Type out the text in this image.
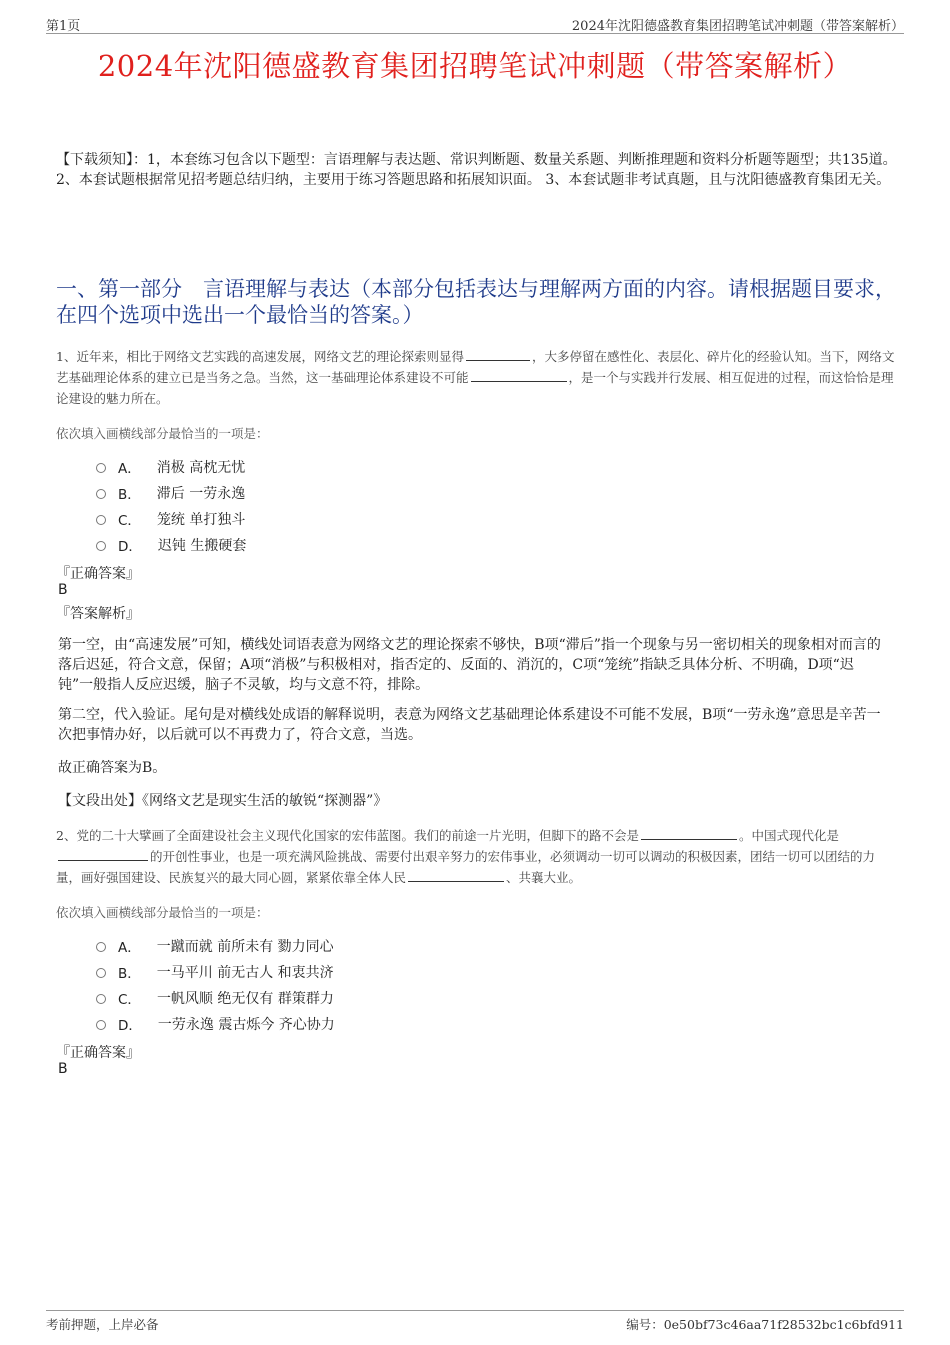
第1页	2024年沈阳德盛教育集团招聘笔试冲刺题（带答案解析）
2024年沈阳德盛教育集团招聘笔试冲刺题（带答案解析）
【下载须知】：1，本套练习包含以下题型：言语理解与表达题、常识判断题、数量关系题、判断推理题和资料分析题等题型；共135道。 2、本套试题根据常见招考题总结归纳，主要用于练习答题思路和拓展知识面。 3、本套试题非考试真题，且与沈阳德盛教育集团无关。
一、第一部分　言语理解与表达（本部分包括表达与理解两方面的内容。请根据题目要求，在四个选项中选出一个最恰当的答案。）
1、近年来，相比于网络文艺实践的高速发展，网络文艺的理论探索则显得	，大多停留在感性化、表层化、碎片化的经验认知。当下，网络文艺基础理论体系的建立已是当务之急。当然，这一基础理论体系建设不可能	，是一个与实践并行发展、相互促进的过程，而这恰恰是理论建设的魅力所在。
依次填入画横线部分最恰当的一项是：
A． 消极 高枕无忧
B． 滞后 一劳永逸
C． 笼统 单打独斗
D． 迟钝 生搬硬套
『正确答案』
B
『答案解析』
第一空，由“高速发展”可知，横线处词语表意为网络文艺的理论探索不够快，B项“滞后”指一个现象与另一密切相关的现象相对而言的落后迟延，符合文意，保留；A项“消极”与积极相对，指否定的、反面的、消沉的，C项“笼统”指缺乏具体分析、不明确，D项“迟钝”一般指人反应迟缓，脑子不灵敏，均与文意不符，排除。
第二空，代入验证。尾句是对横线处成语的解释说明，表意为网络文艺基础理论体系建设不可能不发展，B项“一劳永逸”意思是辛苦一次把事情办好，以后就可以不再费力了，符合文意，当选。
故正确答案为B。
【文段出处】《网络文艺是现实生活的敏锐“探测器”》
2、党的二十大擘画了全面建设社会主义现代化国家的宏伟蓝图。我们的前途一片光明，但脚下的路不会是	。中国式现代化是的开创性事业，也是一项充满风险挑战、需要付出艰辛努力的宏伟事业，必须调动一切可以调动的积极因素，团结一切可以团结的力量，画好强国建设、民族复兴的最大同心圆，紧紧依靠全体人民	、共襄大业。
依次填入画横线部分最恰当的一项是：
A． 一蹴而就 前所未有 勠力同心
B． 一马平川 前无古人 和衷共济
C． 一帆风顺 绝无仅有 群策群力
D． 一劳永逸 震古烁今 齐心协力
『正确答案』
B
考前押题，上岸必备	编号：0e50bf73c46aa71f28532bc1c6bfd911
